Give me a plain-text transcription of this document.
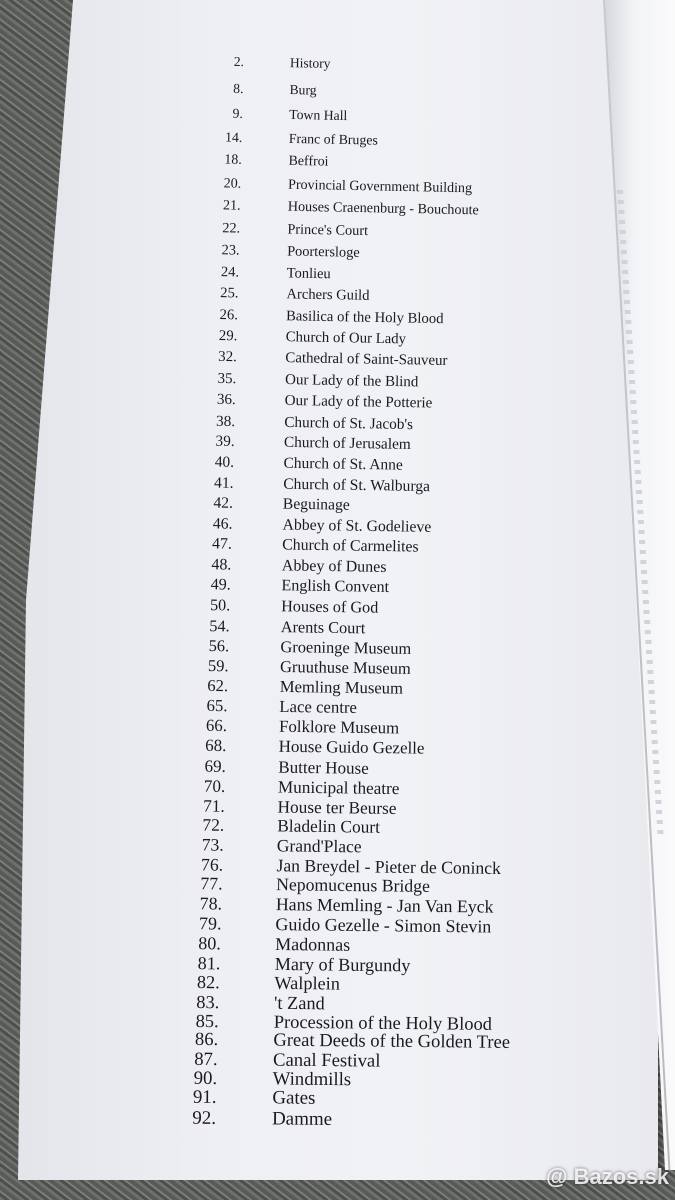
2.	History
8.	Burg
9.	Town Hall
14.	Franc of Bruges
18.	Beffroi
20.	Provincial Government Building
21.	Houses Craenenburg - Bouchoute
22.	Prince's Court
23.	Poortersloge
24.	Tonlieu
25.	Archers Guild
26.	Basilica of the Holy Blood
29.	Church of Our Lady
32.	Cathedral of Saint-Sauveur
35.	Our Lady of the Blind
36.	Our Lady of the Potterie
38.	Church of St. Jacob's
39.	Church of Jerusalem
40.	Church of St. Anne
41.	Church of St. Walburga
42.	Beguinage
46.	Abbey of St. Godelieve
47.	Church of Carmelites
48.	Abbey of Dunes
49.	English Convent
50.	Houses of God
54.	Arents Court
56.	Groeninge Museum
59.	Gruuthuse Museum
62.	Memling Museum
65.	Lace centre
66.	Folklore Museum
68.	House Guido Gezelle
69.	Butter House
70.	Municipal theatre
71.	House ter Beurse
72.	Bladelin Court
73.	Grand'Place
76.	Jan Breydel - Pieter de Coninck
77.	Nepomucenus Bridge
78.	Hans Memling - Jan Van Eyck
79.	Guido Gezelle - Simon Stevin
80.	Madonnas
81.	Mary of Burgundy
82.	Walplein
83.	't Zand
85.	Procession of the Holy Blood
86.	Great Deeds of the Golden Tree
87.	Canal Festival
90.	Windmills
91.	Gates
92.	Damme
@ Bazos.sk
